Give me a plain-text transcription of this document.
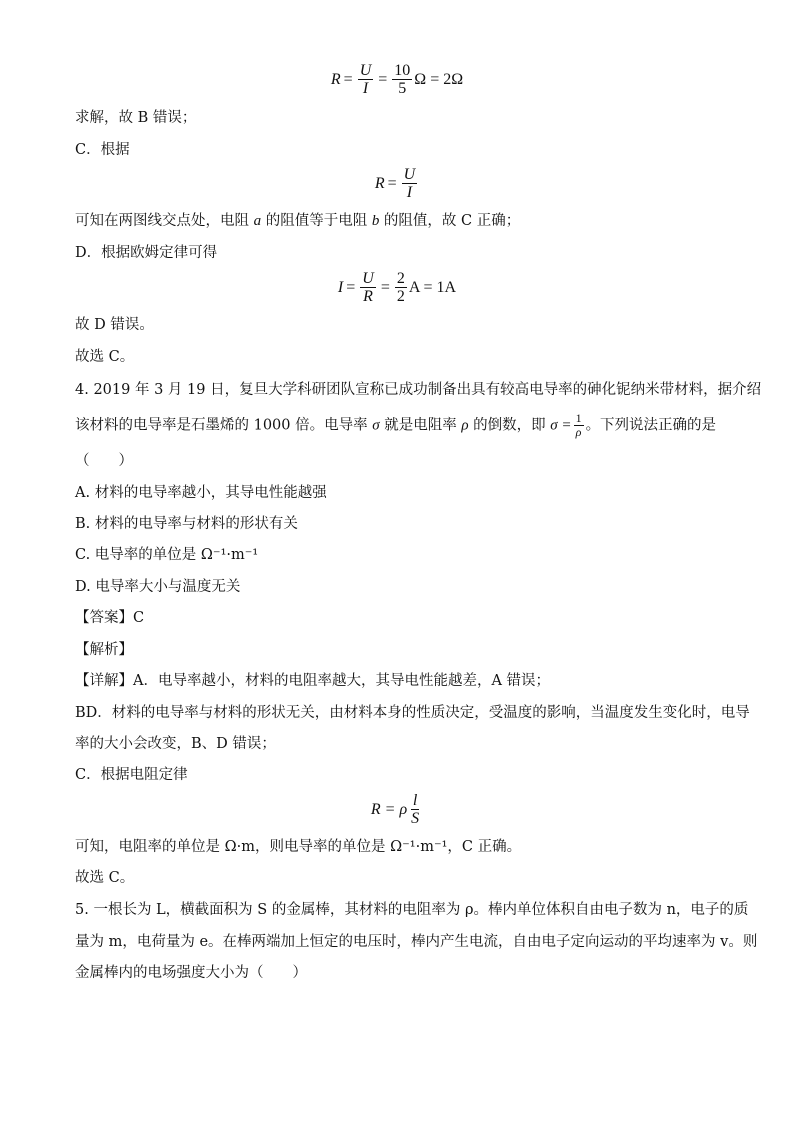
$R = \frac{U}{I} = \frac{10}{5}$ Ω = 2Ω
求解，故 B 错误；
C．根据
$R = \frac{U}{I}$
可知在两图线交点处，电阻 a 的阻值等于电阻 b 的阻值，故 C 正确；
D．根据欧姆定律可得
$I = \frac{U}{R} = \frac{2}{2}$ A = 1A
故 D 错误。
故选 C。
4. 2019 年 3 月 19 日，复旦大学科研团队宣称已成功制备出具有较高电导率的砷化铌纳米带材料，据介绍
该材料的电导率是石墨烯的 1000 倍。电导率 σ 就是电阻率 ρ 的倒数，即 $\sigma = \frac{1}{\rho}$ 。下列说法正确的是
（　　）
A. 材料的电导率越小，其导电性能越强
B. 材料的电导率与材料的形状有关
C. 电导率的单位是 Ω⁻¹·m⁻¹
D. 电导率大小与温度无关
【答案】C
【解析】
【详解】A．电导率越小，材料的电阻率越大，其导电性能越差，A 错误；
BD．材料的电导率与材料的形状无关，由材料本身的性质决定，受温度的影响，当温度发生变化时，电导
率的大小会改变，B、D 错误；
C．根据电阻定律
R = ρ $\frac{l}{S}$
可知，电阻率的单位是 Ω·m，则电导率的单位是 Ω⁻¹·m⁻¹，C 正确。
故选 C。
5. 一根长为 L，横截面积为 S 的金属棒，其材料的电阻率为 ρ。棒内单位体积自由电子数为 n，电子的质
量为 m，电荷量为 e。在棒两端加上恒定的电压时，棒内产生电流，自由电子定向运动的平均速率为 v。则
金属棒内的电场强度大小为（　　）
